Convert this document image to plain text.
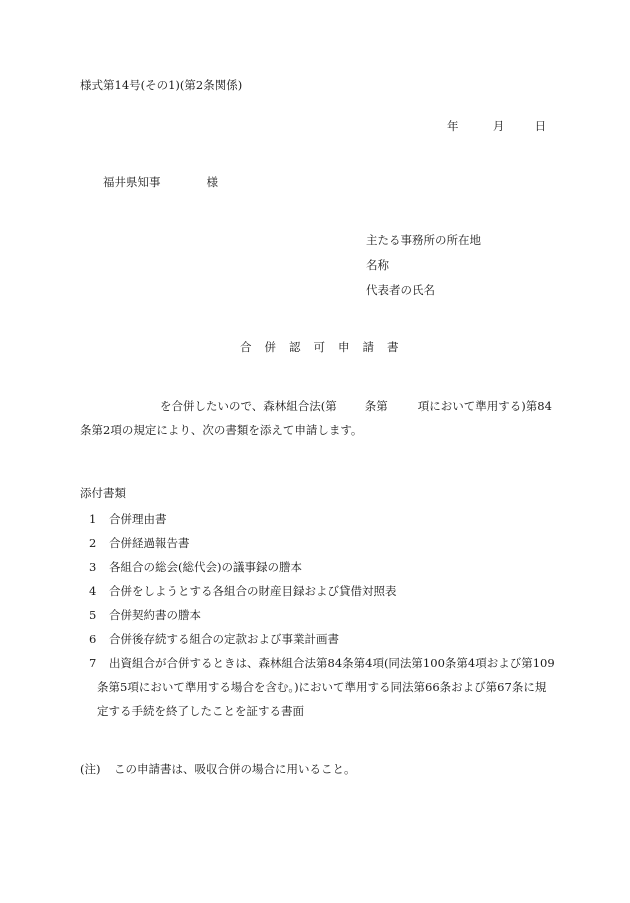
様式第14号(その1)(第2条関係)
年	月	日
福井県知事	様
主たる事務所の所在地
名称
代表者の氏名
合併認可申請書
を合併したいので、森林組合法(第 条第	項において準用する)第84
条第2項の規定により、次の書類を添えて申請します。
添付書類
1	合併理由書
2	合併経過報告書
3	各組合の総会(総代会)の議事録の謄本
4	合併をしようとする各組合の財産目録および貸借対照表
5	合併契約書の謄本
6	合併後存続する組合の定款および事業計画書
7	出資組合が合併するときは、森林組合法第84条第4項(同法第100条第4項および第109
条第5項において準用する場合を含む。)において準用する同法第66条および第67条に規
定する手続を終了したことを証する書面
(注) この申請書は、吸収合併の場合に用いること。
